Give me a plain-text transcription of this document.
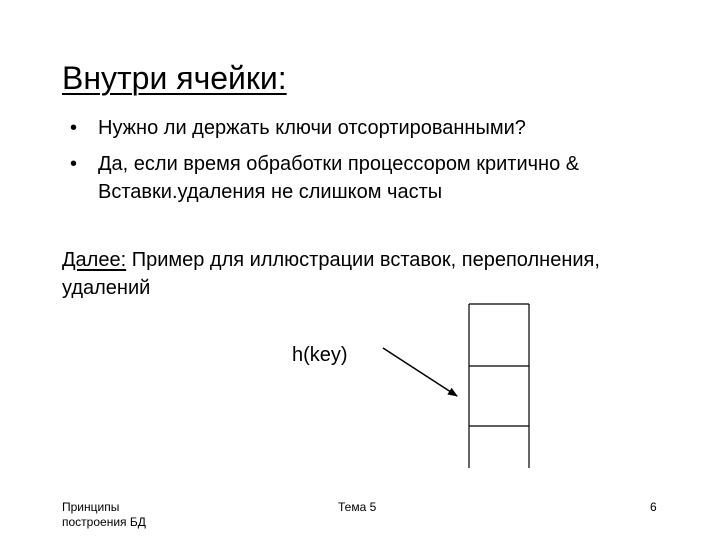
Внутри ячейки:
• Нужно ли держать ключи отсортированными?
• Да, если время обработки процессором критично & Вставки.удаления не слишком часты
Далее: Пример для иллюстрации вставок, переполнения, удалений
h(key)
Принципы
построения БД
Тема 5	6
